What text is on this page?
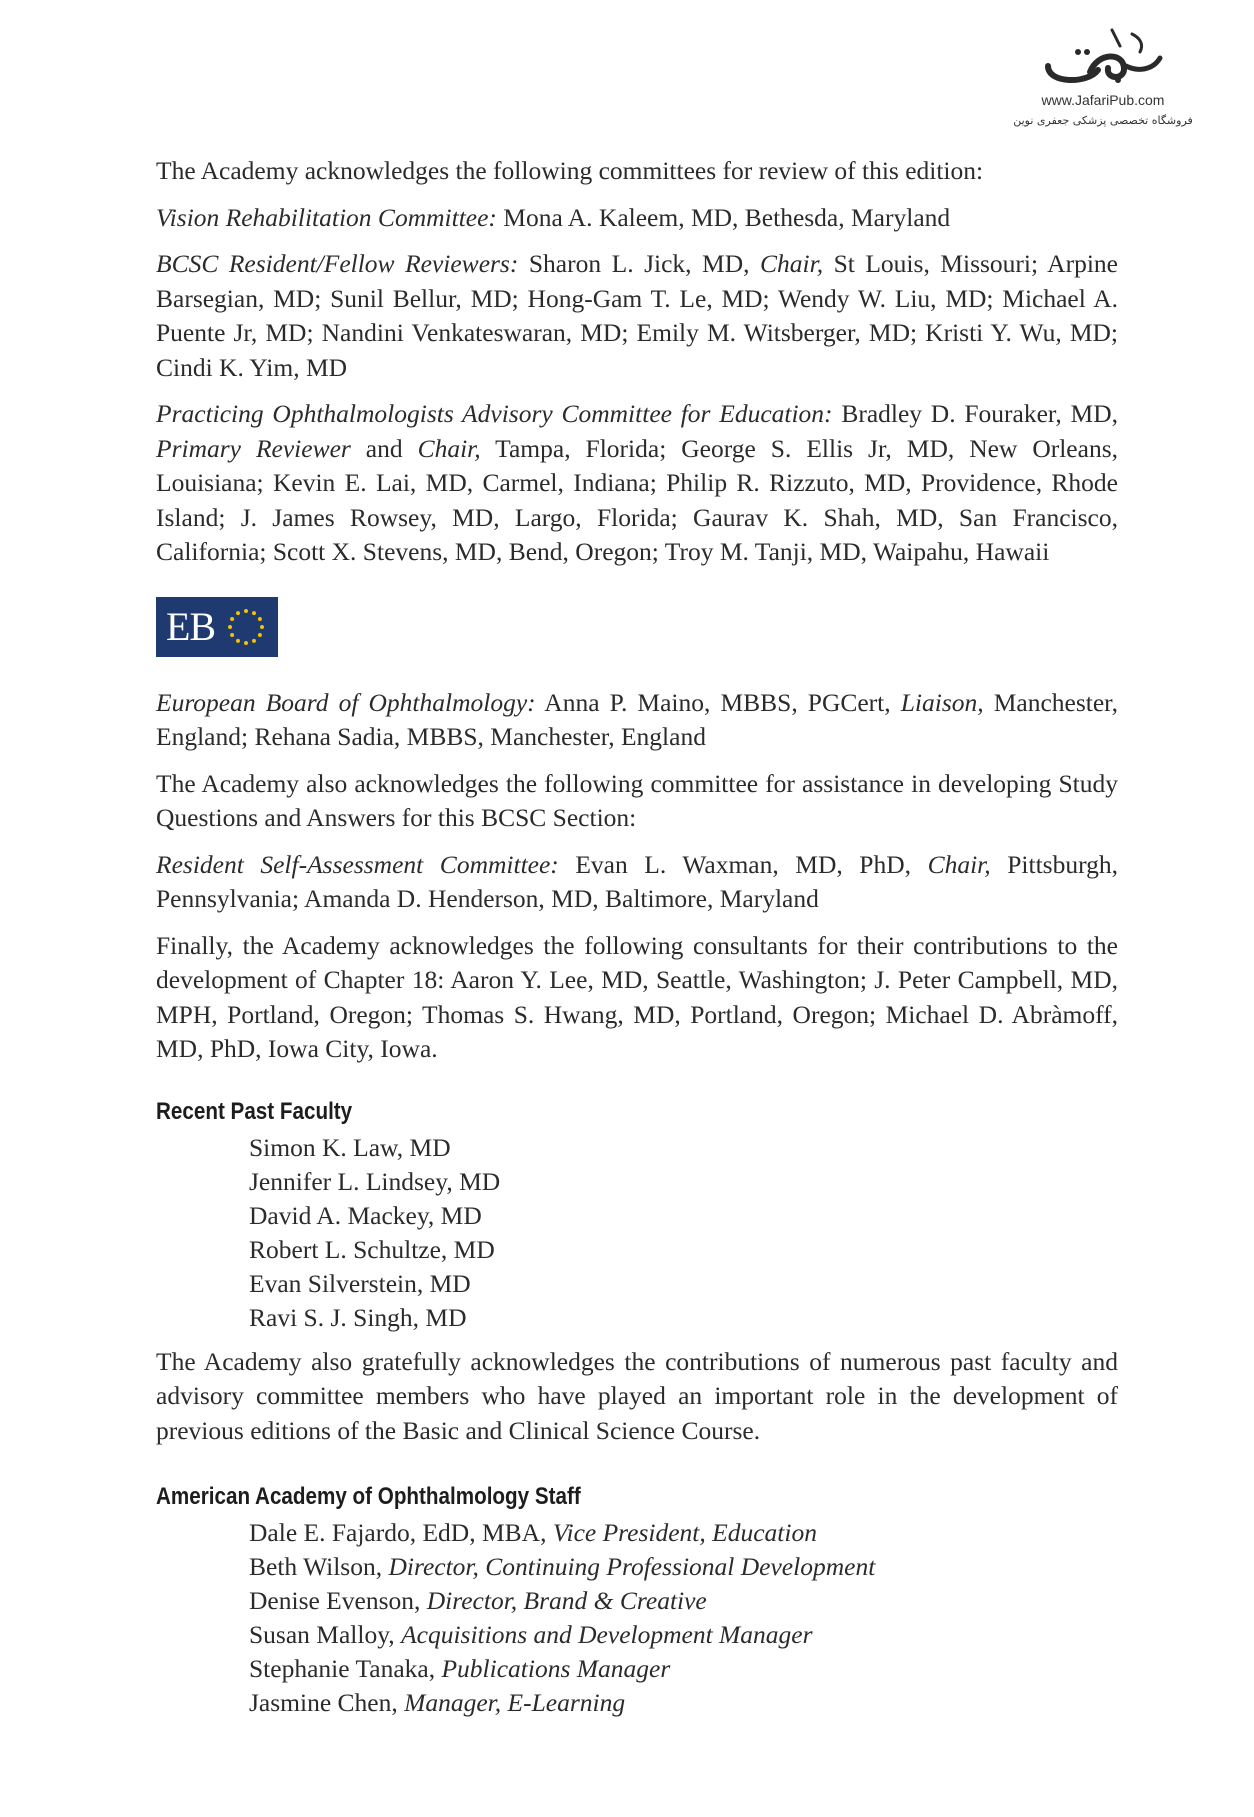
www.JafariPub.com
فروشگاه تخصصی پزشکی جعفری نوین

The Academy acknowledges the following committees for review of this edition:

Vision Rehabilitation Committee: Mona A. Kaleem, MD, Bethesda, Maryland

BCSC Resident/Fellow Reviewers: Sharon L. Jick, MD, Chair, St Louis, Missouri; Arpine Barsegian, MD; Sunil Bellur, MD; Hong-Gam T. Le, MD; Wendy W. Liu, MD; Michael A. Puente Jr, MD; Nandini Venkateswaran, MD; Emily M. Witsberger, MD; Kristi Y. Wu, MD; Cindi K. Yim, MD

Practicing Ophthalmologists Advisory Committee for Education: Bradley D. Fouraker, MD, Primary Reviewer and Chair, Tampa, Florida; George S. Ellis Jr, MD, New Orleans, Louisiana; Kevin E. Lai, MD, Carmel, Indiana; Philip R. Rizzuto, MD, Providence, Rhode Island; J. James Rowsey, MD, Largo, Florida; Gaurav K. Shah, MD, San Francisco, California; Scott X. Stevens, MD, Bend, Oregon; Troy M. Tanji, MD, Waipahu, Hawaii

EB

European Board of Ophthalmology: Anna P. Maino, MBBS, PGCert, Liaison, Manchester, England; Rehana Sadia, MBBS, Manchester, England

The Academy also acknowledges the following committee for assistance in developing Study Questions and Answers for this BCSC Section:

Resident Self-Assessment Committee: Evan L. Waxman, MD, PhD, Chair, Pittsburgh, Pennsylvania; Amanda D. Henderson, MD, Baltimore, Maryland

Finally, the Academy acknowledges the following consultants for their contributions to the development of Chapter 18: Aaron Y. Lee, MD, Seattle, Washington; J. Peter Campbell, MD, MPH, Portland, Oregon; Thomas S. Hwang, MD, Portland, Oregon; Michael D. Abràmoff, MD, PhD, Iowa City, Iowa.

Recent Past Faculty
Simon K. Law, MD
Jennifer L. Lindsey, MD
David A. Mackey, MD
Robert L. Schultze, MD
Evan Silverstein, MD
Ravi S. J. Singh, MD

The Academy also gratefully acknowledges the contributions of numerous past faculty and advisory committee members who have played an important role in the development of previous editions of the Basic and Clinical Science Course.

American Academy of Ophthalmology Staff
Dale E. Fajardo, EdD, MBA, Vice President, Education
Beth Wilson, Director, Continuing Professional Development
Denise Evenson, Director, Brand & Creative
Susan Malloy, Acquisitions and Development Manager
Stephanie Tanaka, Publications Manager
Jasmine Chen, Manager, E-Learning
